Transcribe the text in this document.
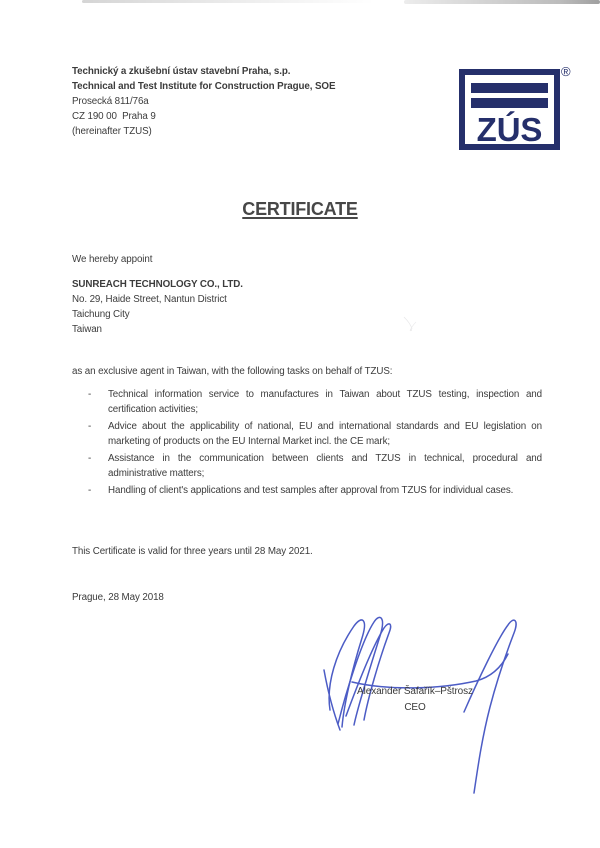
Technický a zkušební ústav stavební Praha, s.p.
Technical and Test Institute for Construction Prague, SOE
Prosecká 811/76a
CZ 190 00  Praha 9
(hereinafter TZUS)	ZÚS
®
CERTIFICATE
We hereby appoint
SUNREACH TECHNOLOGY CO., LTD.
No. 29, Haide Street, Nantun District
Taichung City
Taiwan
as an exclusive agent in Taiwan, with the following tasks on behalf of TZUS:
-	Technical information service to manufactures in Taiwan about TZUS testing, inspection and certification activities;
-	Advice about the applicability of national, EU and international standards and EU legislation on marketing of products on the EU Internal Market incl. the CE mark;
-	Assistance in the communication between clients and TZUS in technical, procedural and administrative matters;
-	Handling of client's applications and test samples after approval from TZUS for individual cases.
This Certificate is valid for three years until 28 May 2021.
Prague, 28 May 2018
Alexander Šafařík–Pštrosz
CEO
